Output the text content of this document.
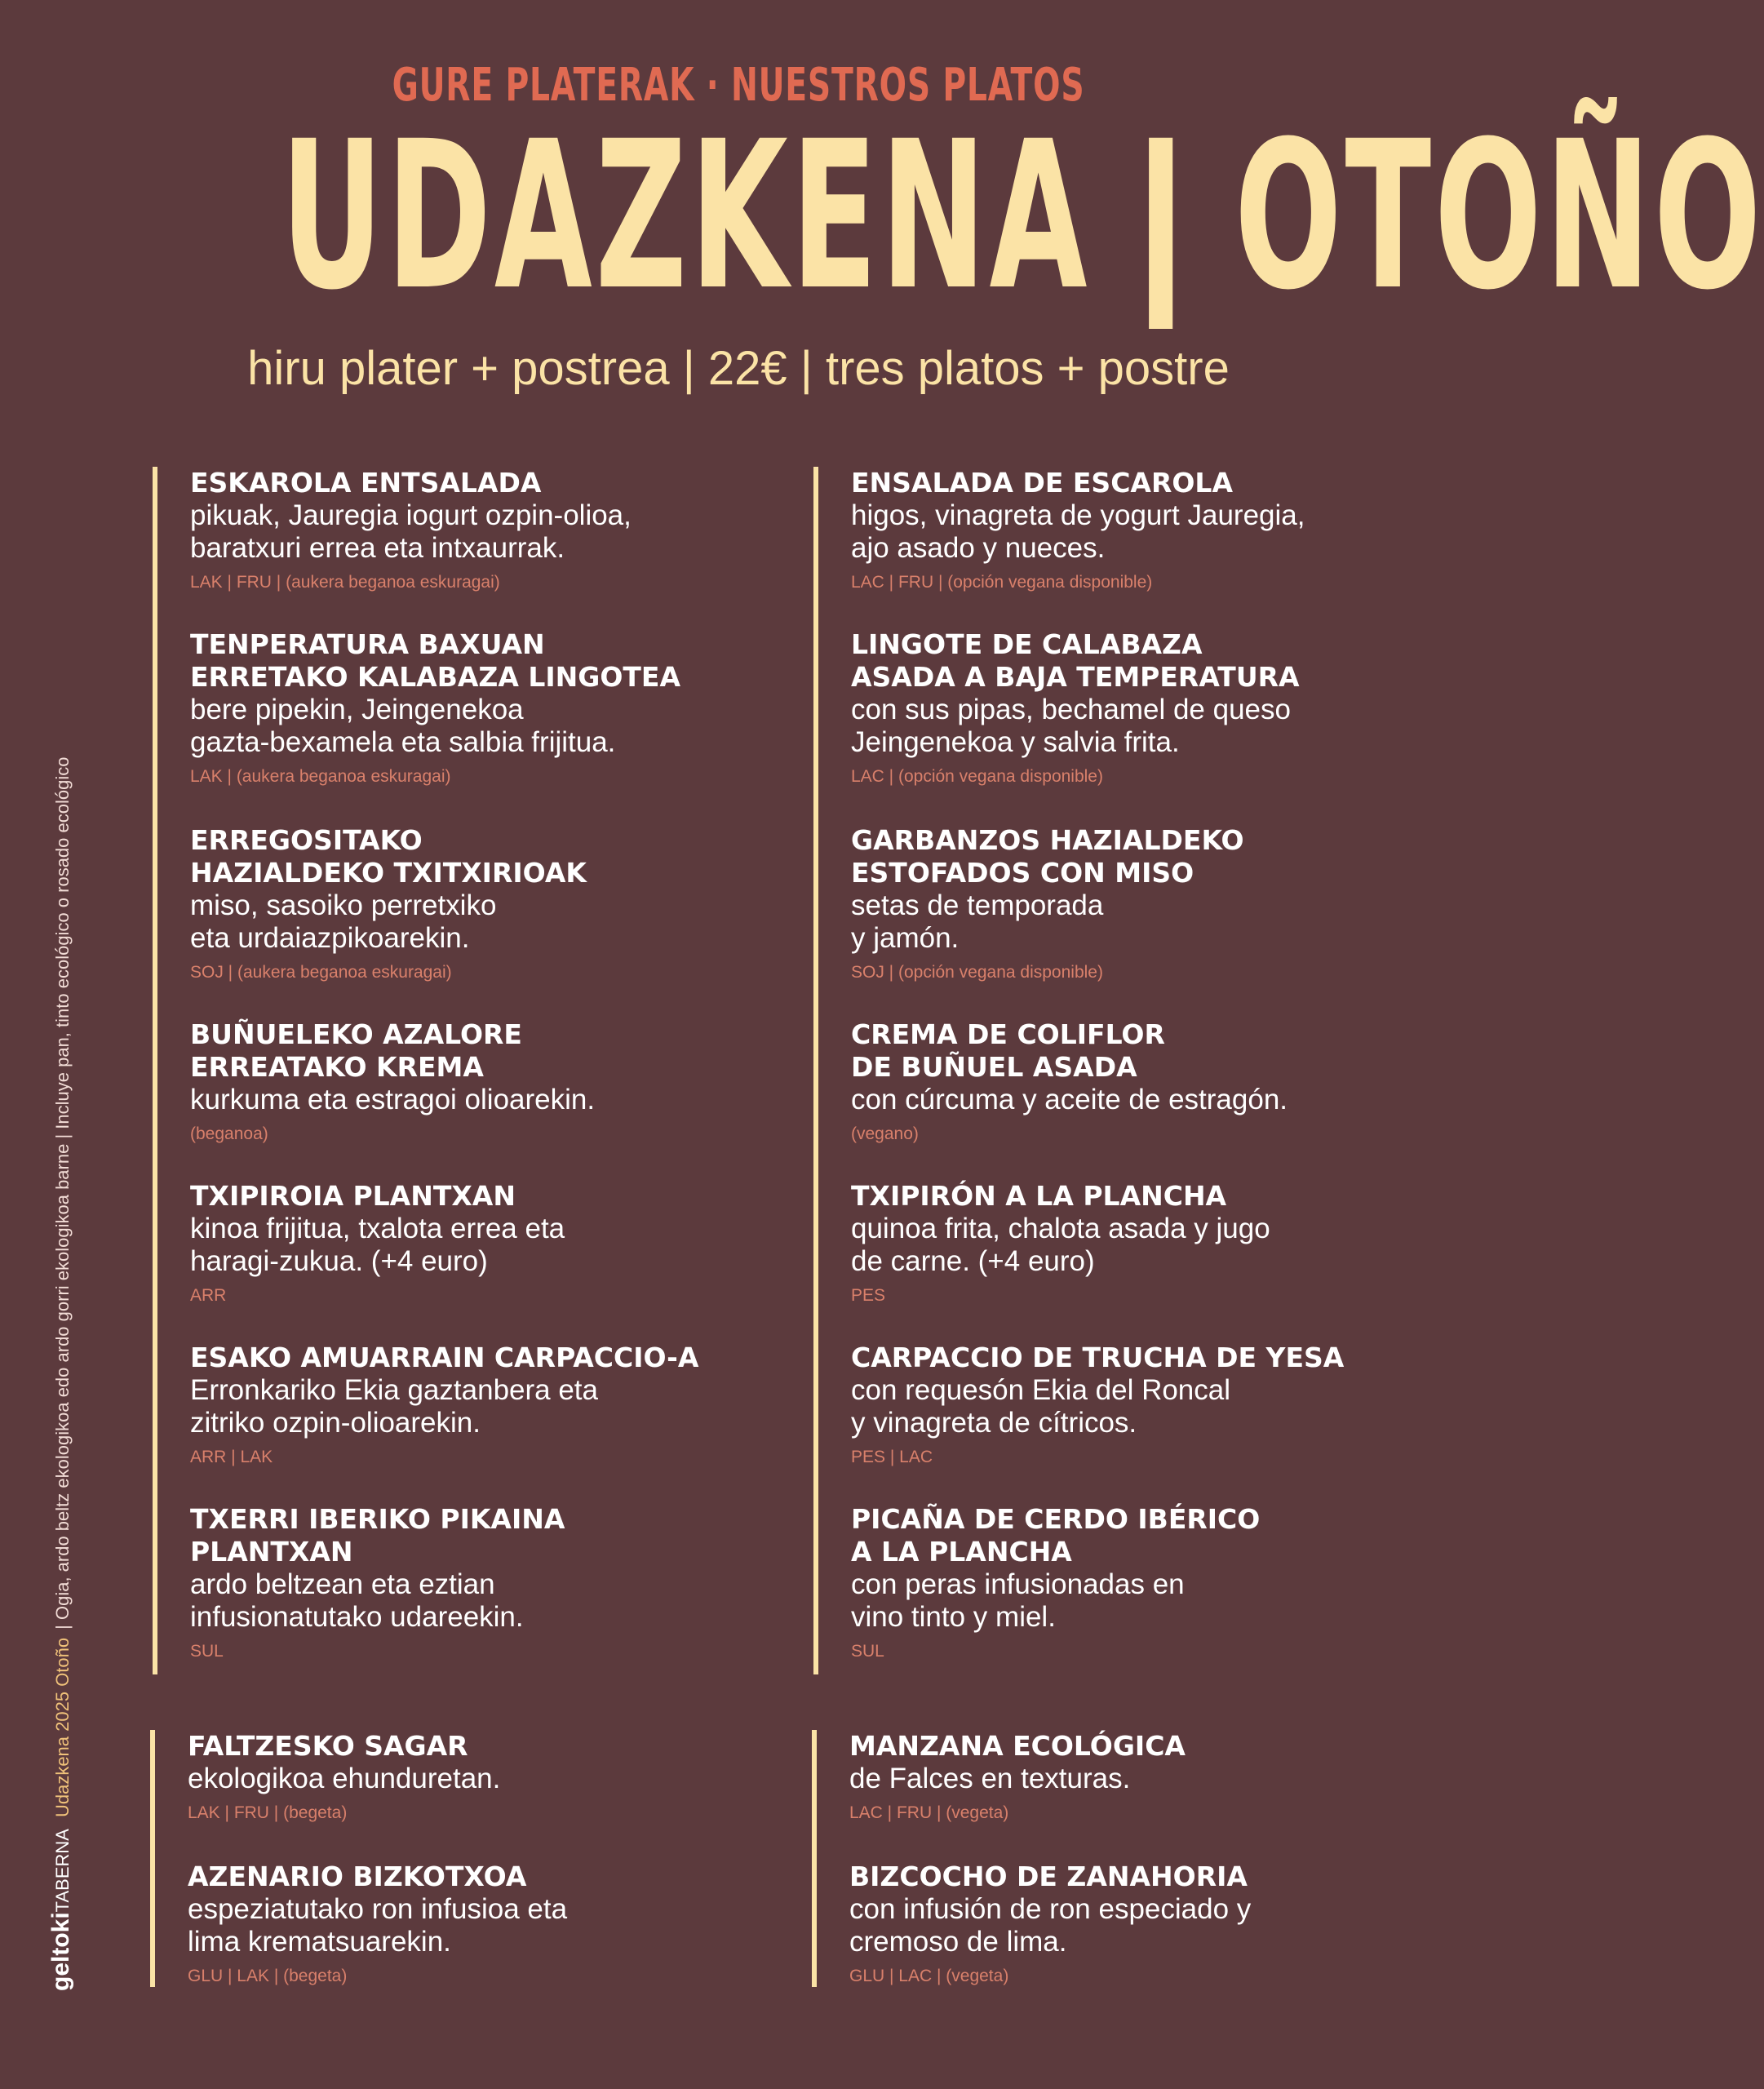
GURE PLATERAK · NUESTROS PLATOS
UDAZKENA ǀ OTOÑO
hiru plater + postrea | 22€ | tres platos + postre
geltokiTABERNAUdazkena 2025 Otoño| Ogia, ardo beltz ekologikoa edo ardo gorri ekologikoa barne | Incluye pan, tinto ecológico o rosado ecológico
ESKAROLA ENTSALADA
pikuak, Jauregia iogurt ozpin-olioa,
baratxuri errea eta intxaurrak.
LAK | FRU | (aukera beganoa eskuragai)
TENPERATURA BAXUAN
ERRETAKO KALABAZA LINGOTEA
bere pipekin, Jeingenekoa
gazta-bexamela eta salbia frijitua.
LAK | (aukera beganoa eskuragai)
ERREGOSITAKO
HAZIALDEKO TXITXIRIOAK
miso, sasoiko perretxiko
eta urdaiazpikoarekin.
SOJ | (aukera beganoa eskuragai)
BUÑUELEKO AZALORE
ERREATAKO KREMA
kurkuma eta estragoi olioarekin.
(beganoa)
TXIPIROIA PLANTXAN
kinoa frijitua, txalota errea eta
haragi-zukua. (+4 euro)
ARR
ESAKO AMUARRAIN CARPACCIO-A
Erronkariko Ekia gaztanbera eta
zitriko ozpin-olioarekin.
ARR | LAK
TXERRI IBERIKO PIKAINA
PLANTXAN
ardo beltzean eta eztian
infusionatutako udareekin.
SUL
ENSALADA DE ESCAROLA
higos, vinagreta de yogurt Jauregia,
ajo asado y nueces.
LAC | FRU | (opción vegana disponible)
LINGOTE DE CALABAZA
ASADA A BAJA TEMPERATURA
con sus pipas, bechamel de queso
Jeingenekoa y salvia frita.
LAC | (opción vegana disponible)
GARBANZOS HAZIALDEKO
ESTOFADOS CON MISO
setas de temporada
y jamón.
SOJ | (opción vegana disponible)
CREMA DE COLIFLOR
DE BUÑUEL ASADA
con cúrcuma y aceite de estragón.
(vegano)
TXIPIRÓN A LA PLANCHA
quinoa frita, chalota asada y jugo
de carne. (+4 euro)
PES
CARPACCIO DE TRUCHA DE YESA
con requesón Ekia del Roncal
y vinagreta de cítricos.
PES | LAC
PICAÑA DE CERDO IBÉRICO
A LA PLANCHA
con peras infusionadas en
vino tinto y miel.
SUL
FALTZESKO SAGAR
ekologikoa ehunduretan.
LAK | FRU | (begeta)
AZENARIO BIZKOTXOA
espeziatutako ron infusioa eta
lima krematsuarekin.
GLU | LAK | (begeta)
MANZANA ECOLÓGICA
de Falces en texturas.
LAC | FRU | (vegeta)
BIZCOCHO DE ZANAHORIA
con infusión de ron especiado y
cremoso de lima.
GLU | LAC | (vegeta)
